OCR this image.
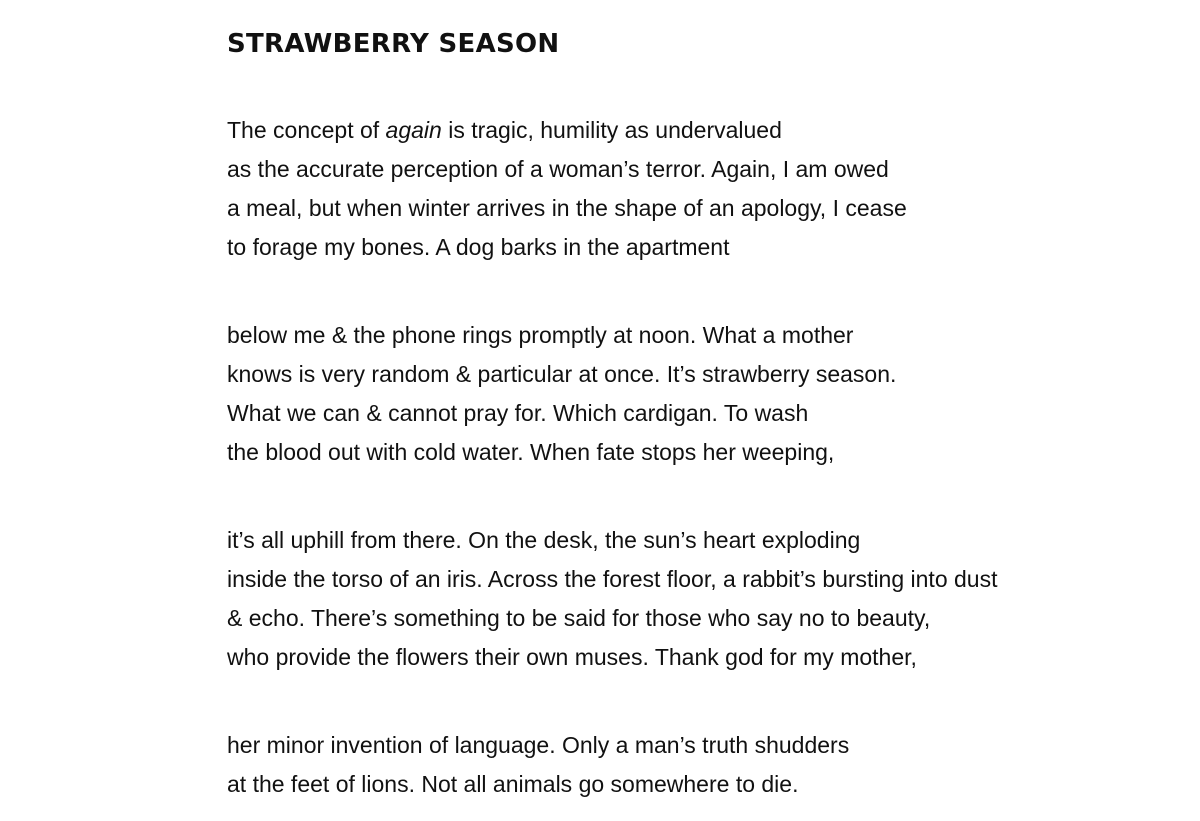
STRAWBERRY SEASON
The concept of again is tragic, humility as undervalued
as the accurate perception of a woman’s terror. Again, I am owed
a meal, but when winter arrives in the shape of an apology, I cease
to forage my bones. A dog barks in the apartment
below me & the phone rings promptly at noon. What a mother
knows is very random & particular at once. It’s strawberry season.
What we can & cannot pray for. Which cardigan. To wash
the blood out with cold water. When fate stops her weeping,
it’s all uphill from there. On the desk, the sun’s heart exploding
inside the torso of an iris. Across the forest floor, a rabbit’s bursting into dust
& echo. There’s something to be said for those who say no to beauty,
who provide the flowers their own muses. Thank god for my mother,
her minor invention of language. Only a man’s truth shudders
at the feet of lions. Not all animals go somewhere to die.
